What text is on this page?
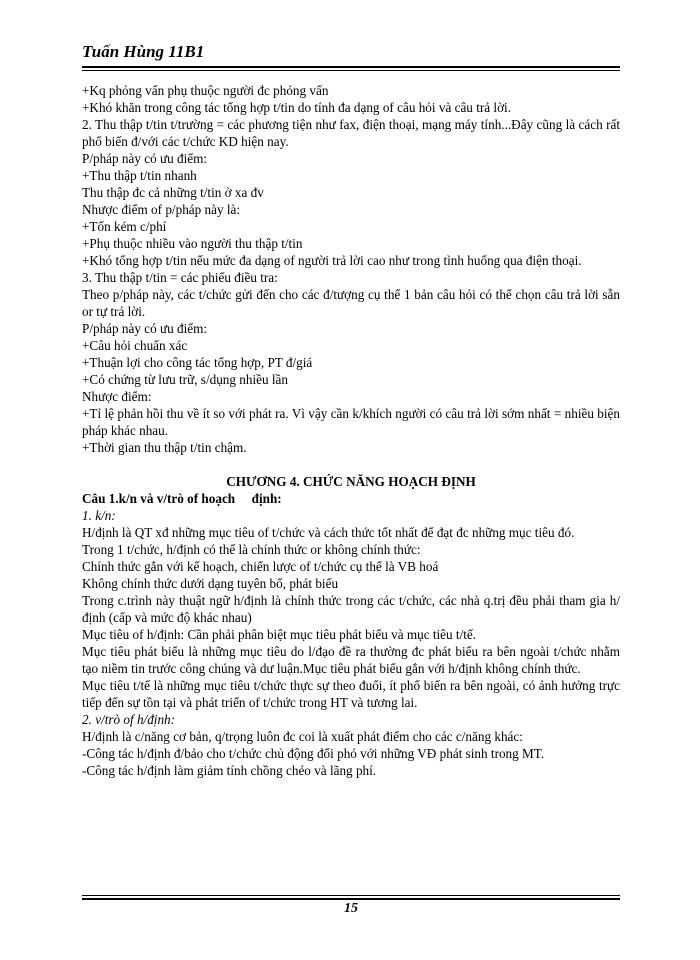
Tuấn Hùng 11B1

+Kq phỏng vấn phụ thuộc người đc phỏng vấn

+Khó khăn trong công tác tổng hợp t/tin do tính đa dạng of câu hỏi và câu trả lời.

2. Thu thập t/tin t/trường = các phương tiện như fax, điện thoại, mạng máy tính...Đây cũng là cách rất phổ biến đ/với các t/chức KD hiện nay.

P/pháp này có ưu điểm:

+Thu thập t/tin nhanh

Thu thập đc cả những t/tin ở xa đv

Nhược điểm of p/pháp này là:

+Tốn kém c/phí

+Phụ thuộc nhiều vào người thu thập t/tin

+Khó tổng hợp t/tin nếu mức đa dạng of người trả lời cao như trong tình huống qua điện thoại.

3. Thu thập t/tin = các phiếu điều tra:

Theo p/pháp này, các t/chức gửi đến cho các đ/tượng cụ thể 1 bản câu hỏi có thể chọn câu trả lời sẵn or tự trả lời.

P/pháp này có ưu điểm:

+Câu hỏi chuẩn xác

+Thuận lợi cho công tác tổng hợp, PT đ/giá

+Có chứng từ lưu trữ, s/dụng nhiều lần

Nhược điểm:

+Tỉ lệ phản hồi thu về ít so với phát ra. Vì vậy cần k/khích người có câu trả lời sớm nhất = nhiều biện pháp khác nhau.

+Thời gian thu thập t/tin chậm.

CHƯƠNG 4. CHỨC NĂNG HOẠCH ĐỊNH

Câu 1.k/n và v/trò of hoạch     định:

1. k/n:

H/định là QT xđ những mục tiêu of t/chức và cách thức tốt nhất để đạt đc những mục tiêu đó.

Trong 1 t/chức, h/định có thể là chính thức or không chính thức:

Chính thức gắn với kế hoạch, chiến lược of t/chức cụ thể là VB hoá

Không chính thức dưới dạng tuyên bố, phát biểu

Trong c.trình này thuật ngữ h/định là chính thức trong các t/chức, các nhà q.trị đều phải tham gia h/định (cấp và mức độ khác nhau)

Mục tiêu of h/định: Cần phải phân biệt mục tiêu phát biểu và mục tiêu t/tế.

Mục tiêu phát biểu là những mục tiêu do l/đạo đề ra thường đc phát biểu ra bên ngoài t/chức nhằm tạo niềm tin trước công chúng và dư luận.Mục tiêu phát biểu gắn với h/định không chính thức.

Mục tiêu t/tế là những mục tiêu t/chức thực sự theo đuổi, ít phổ biến ra bên ngoài, có ảnh hưởng trực tiếp đến sự tồn tại và phát triển of t/chức trong HT và tương lai.

2. v/trò of h/định:

H/định là c/năng cơ bản, q/trọng luôn đc coi là xuất phát điểm cho các c/năng khác:

-Công tác h/định đ/bảo cho t/chức chủ động đối phó với những VĐ phát sinh trong MT.

-Công tác h/định làm giảm tính chồng chéo và lãng phí.

15
